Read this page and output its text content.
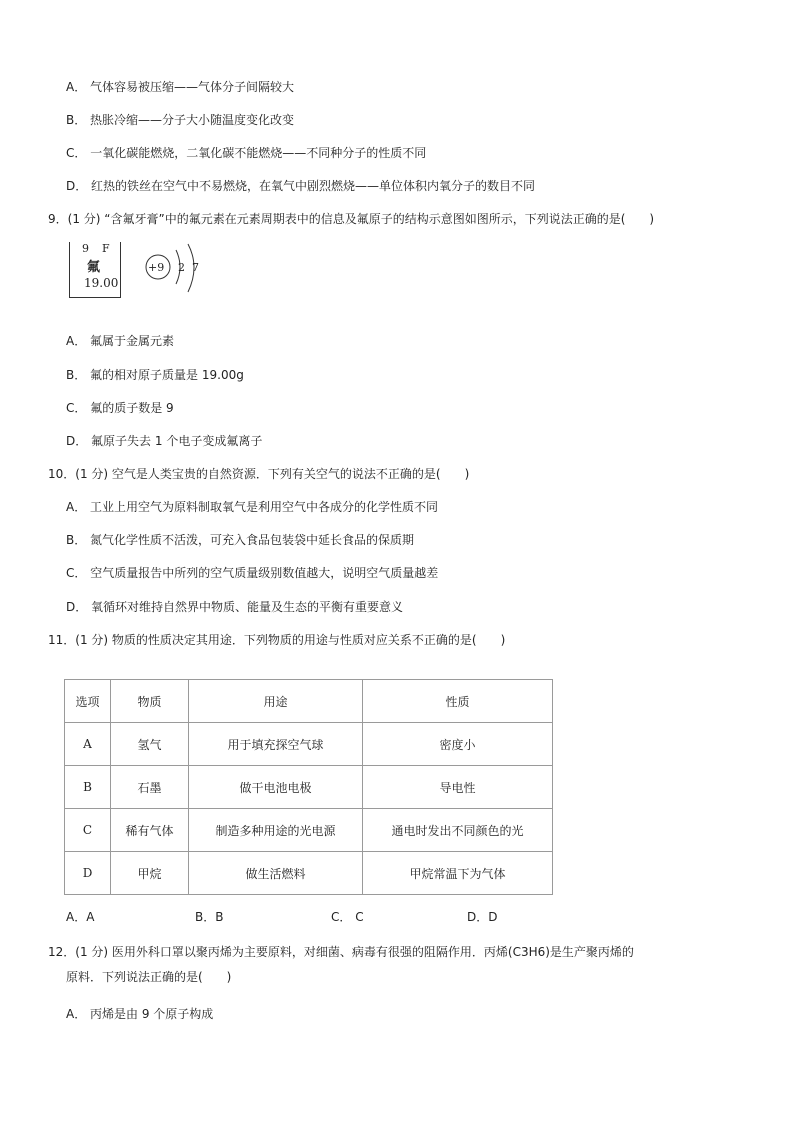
A． 气体容易被压缩——气体分子间隔较大
B． 热胀冷缩——分子大小随温度变化改变
C． 一氧化碳能燃烧，二氧化碳不能燃烧——不同种分子的性质不同
D． 红热的铁丝在空气中不易燃烧，在氧气中剧烈燃烧——单位体积内氧分子的数目不同
9．(1 分) “含氟牙膏”中的氟元素在元素周期表中的信息及氟原子的结构示意图如图所示，下列说法正确的是(　　)
9 F
氟
19.00
+9 2 7
A． 氟属于金属元素
B． 氟的相对原子质量是 19.00g
C． 氟的质子数是 9
D． 氟原子失去 1 个电子变成氟离子
10．(1 分) 空气是人类宝贵的自然资源．下列有关空气的说法不正确的是(　　)
A． 工业上用空气为原料制取氧气是利用空气中各成分的化学性质不同
B． 氮气化学性质不活泼，可充入食品包装袋中延长食品的保质期
C． 空气质量报告中所列的空气质量级别数值越大，说明空气质量越差
D． 氧循环对维持自然界中物质、能量及生态的平衡有重要意义
11．(1 分) 物质的性质决定其用途．下列物质的用途与性质对应关系不正确的是(　　)
选项	物质	用途	性质
A	氢气	用于填充探空气球	密度小
B	石墨	做干电池电极	导电性
C	稀有气体	制造多种用途的光电源	通电时发出不同颜色的光
D	甲烷	做生活燃料	甲烷常温下为气体
A．A	B．B	C． C	D．D
12．(1 分) 医用外科口罩以聚丙烯为主要原料，对细菌、病毒有很强的阻隔作用．丙烯(C3H6)是生产聚丙烯的
原料．下列说法正确的是(　　)
A． 丙烯是由 9 个原子构成
